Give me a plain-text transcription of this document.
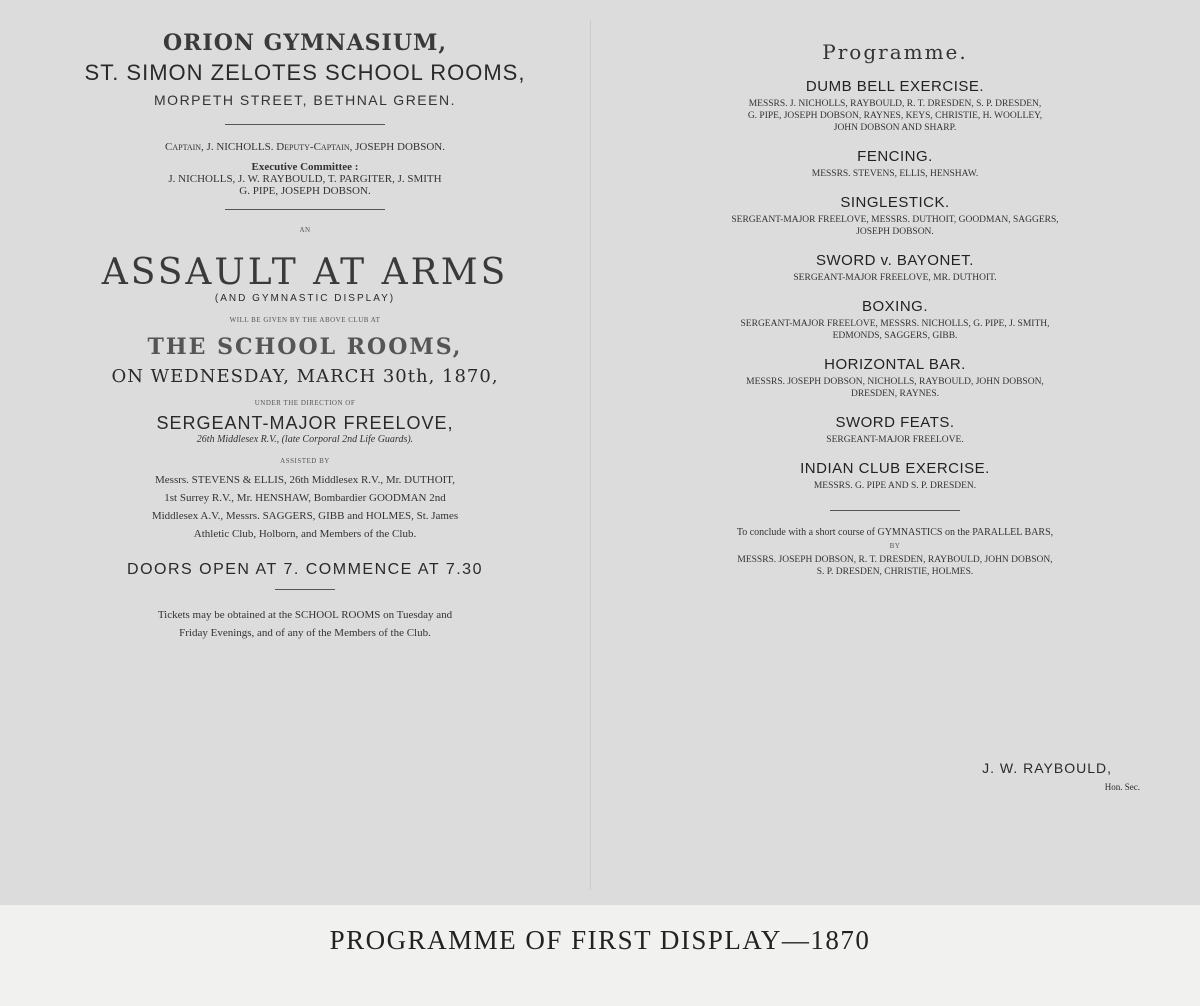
ORION GYMNASIUM,
ST. SIMON ZELOTES SCHOOL ROOMS,
MORPETH STREET, BETHNAL GREEN.
Captain, J. NICHOLLS. Deputy-Captain, JOSEPH DOBSON.
Executive Committee :
J. NICHOLLS, J. W. RAYBOULD, T. PARGITER, J. SMITH
G. PIPE, JOSEPH DOBSON.
AN
ASSAULT AT ARMS
(AND GYMNASTIC DISPLAY)
WILL BE GIVEN BY THE ABOVE CLUB AT
THE SCHOOL ROOMS,
ON WEDNESDAY, MARCH 30th, 1870,
UNDER THE DIRECTION OF
SERGEANT-MAJOR FREELOVE,
26th Middlesex R.V., (late Corporal 2nd Life Guards).
ASSISTED BY
Messrs. STEVENS & ELLIS, 26th Middlesex R.V., Mr. DUTHOIT,
1st Surrey R.V., Mr. HENSHAW, Bombardier GOODMAN 2nd
Middlesex A.V., Messrs. SAGGERS, GIBB and HOLMES, St. James
Athletic Club, Holborn, and Members of the Club.
DOORS OPEN AT 7. COMMENCE AT 7.30
Tickets may be obtained at the SCHOOL ROOMS on Tuesday and
Friday Evenings, and of any of the Members of the Club.
Programme.
DUMB BELL EXERCISE.
MESSRS. J. NICHOLLS, RAYBOULD, R. T. DRESDEN, S. P. DRESDEN,
G. PIPE, JOSEPH DOBSON, RAYNES, KEYS, CHRISTIE, H. WOOLLEY,
JOHN DOBSON AND SHARP.
FENCING.
MESSRS. STEVENS, ELLIS, HENSHAW.
SINGLESTICK.
SERGEANT-MAJOR FREELOVE, MESSRS. DUTHOIT, GOODMAN, SAGGERS,
JOSEPH DOBSON.
SWORD v. BAYONET.
SERGEANT-MAJOR FREELOVE, MR. DUTHOIT.
BOXING.
SERGEANT-MAJOR FREELOVE, MESSRS. NICHOLLS, G. PIPE, J. SMITH,
EDMONDS, SAGGERS, GIBB.
HORIZONTAL BAR.
MESSRS. JOSEPH DOBSON, NICHOLLS, RAYBOULD, JOHN DOBSON,
DRESDEN, RAYNES.
SWORD FEATS.
SERGEANT-MAJOR FREELOVE.
INDIAN CLUB EXERCISE.
MESSRS. G. PIPE AND S. P. DRESDEN.
To conclude with a short course of GYMNASTICS on the PARALLEL BARS,
BY
MESSRS. JOSEPH DOBSON, R. T. DRESDEN, RAYBOULD, JOHN DOBSON,
S. P. DRESDEN, CHRISTIE, HOLMES.
J. W. RAYBOULD,
Hon. Sec.
PROGRAMME OF FIRST DISPLAY—1870
